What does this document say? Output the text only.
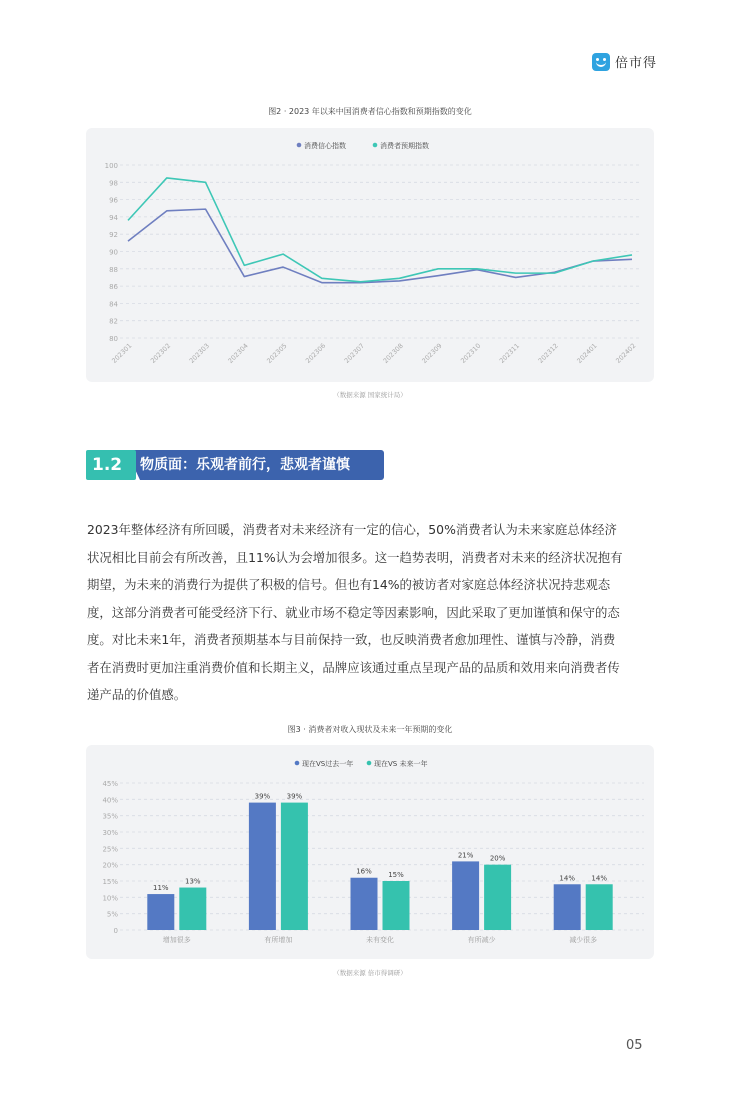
倍市得
图2 · 2023 年以来中国消费者信心指数和预期指数的变化
80
82
84
86
88
90
92
94
96
98
100
202301 202302 202303 202304 202305 202306 202307 202308 202309 202310 202311 202312 202401 202402
消费信心指数	消费者预期指数
（数据来源 国家统计局）
1.2	物质面：乐观者前行，悲观者谨慎
2023年整体经济有所回暖，消费者对未来经济有一定的信心，50%消费者认为未来家庭总体经济
状况相比目前会有所改善，且11%认为会增加很多。这一趋势表明，消费者对未来的经济状况抱有
期望，为未来的消费行为提供了积极的信号。但也有14%的被访者对家庭总体经济状况持悲观态
度，这部分消费者可能受经济下行、就业市场不稳定等因素影响，因此采取了更加谨慎和保守的态
度。对比未来1年，消费者预期基本与目前保持一致，也反映消费者愈加理性、谨慎与冷静，消费
者在消费时更加注重消费价值和长期主义，品牌应该通过重点呈现产品的品质和效用来向消费者传
递产品的价值感。
图3 · 消费者对收入现状及未来一年预期的变化
0
5%
10%
15%
20%
25%
30%
35%
40%
45%
增加很多
11%
13%
有所增加
39% 39%
未有变化
16% 15%
有所减少
21% 20%
减少很多
14% 14%
现在VS过去一年	现在VS 未来一年
（数据来源 倍市得调研）
05
